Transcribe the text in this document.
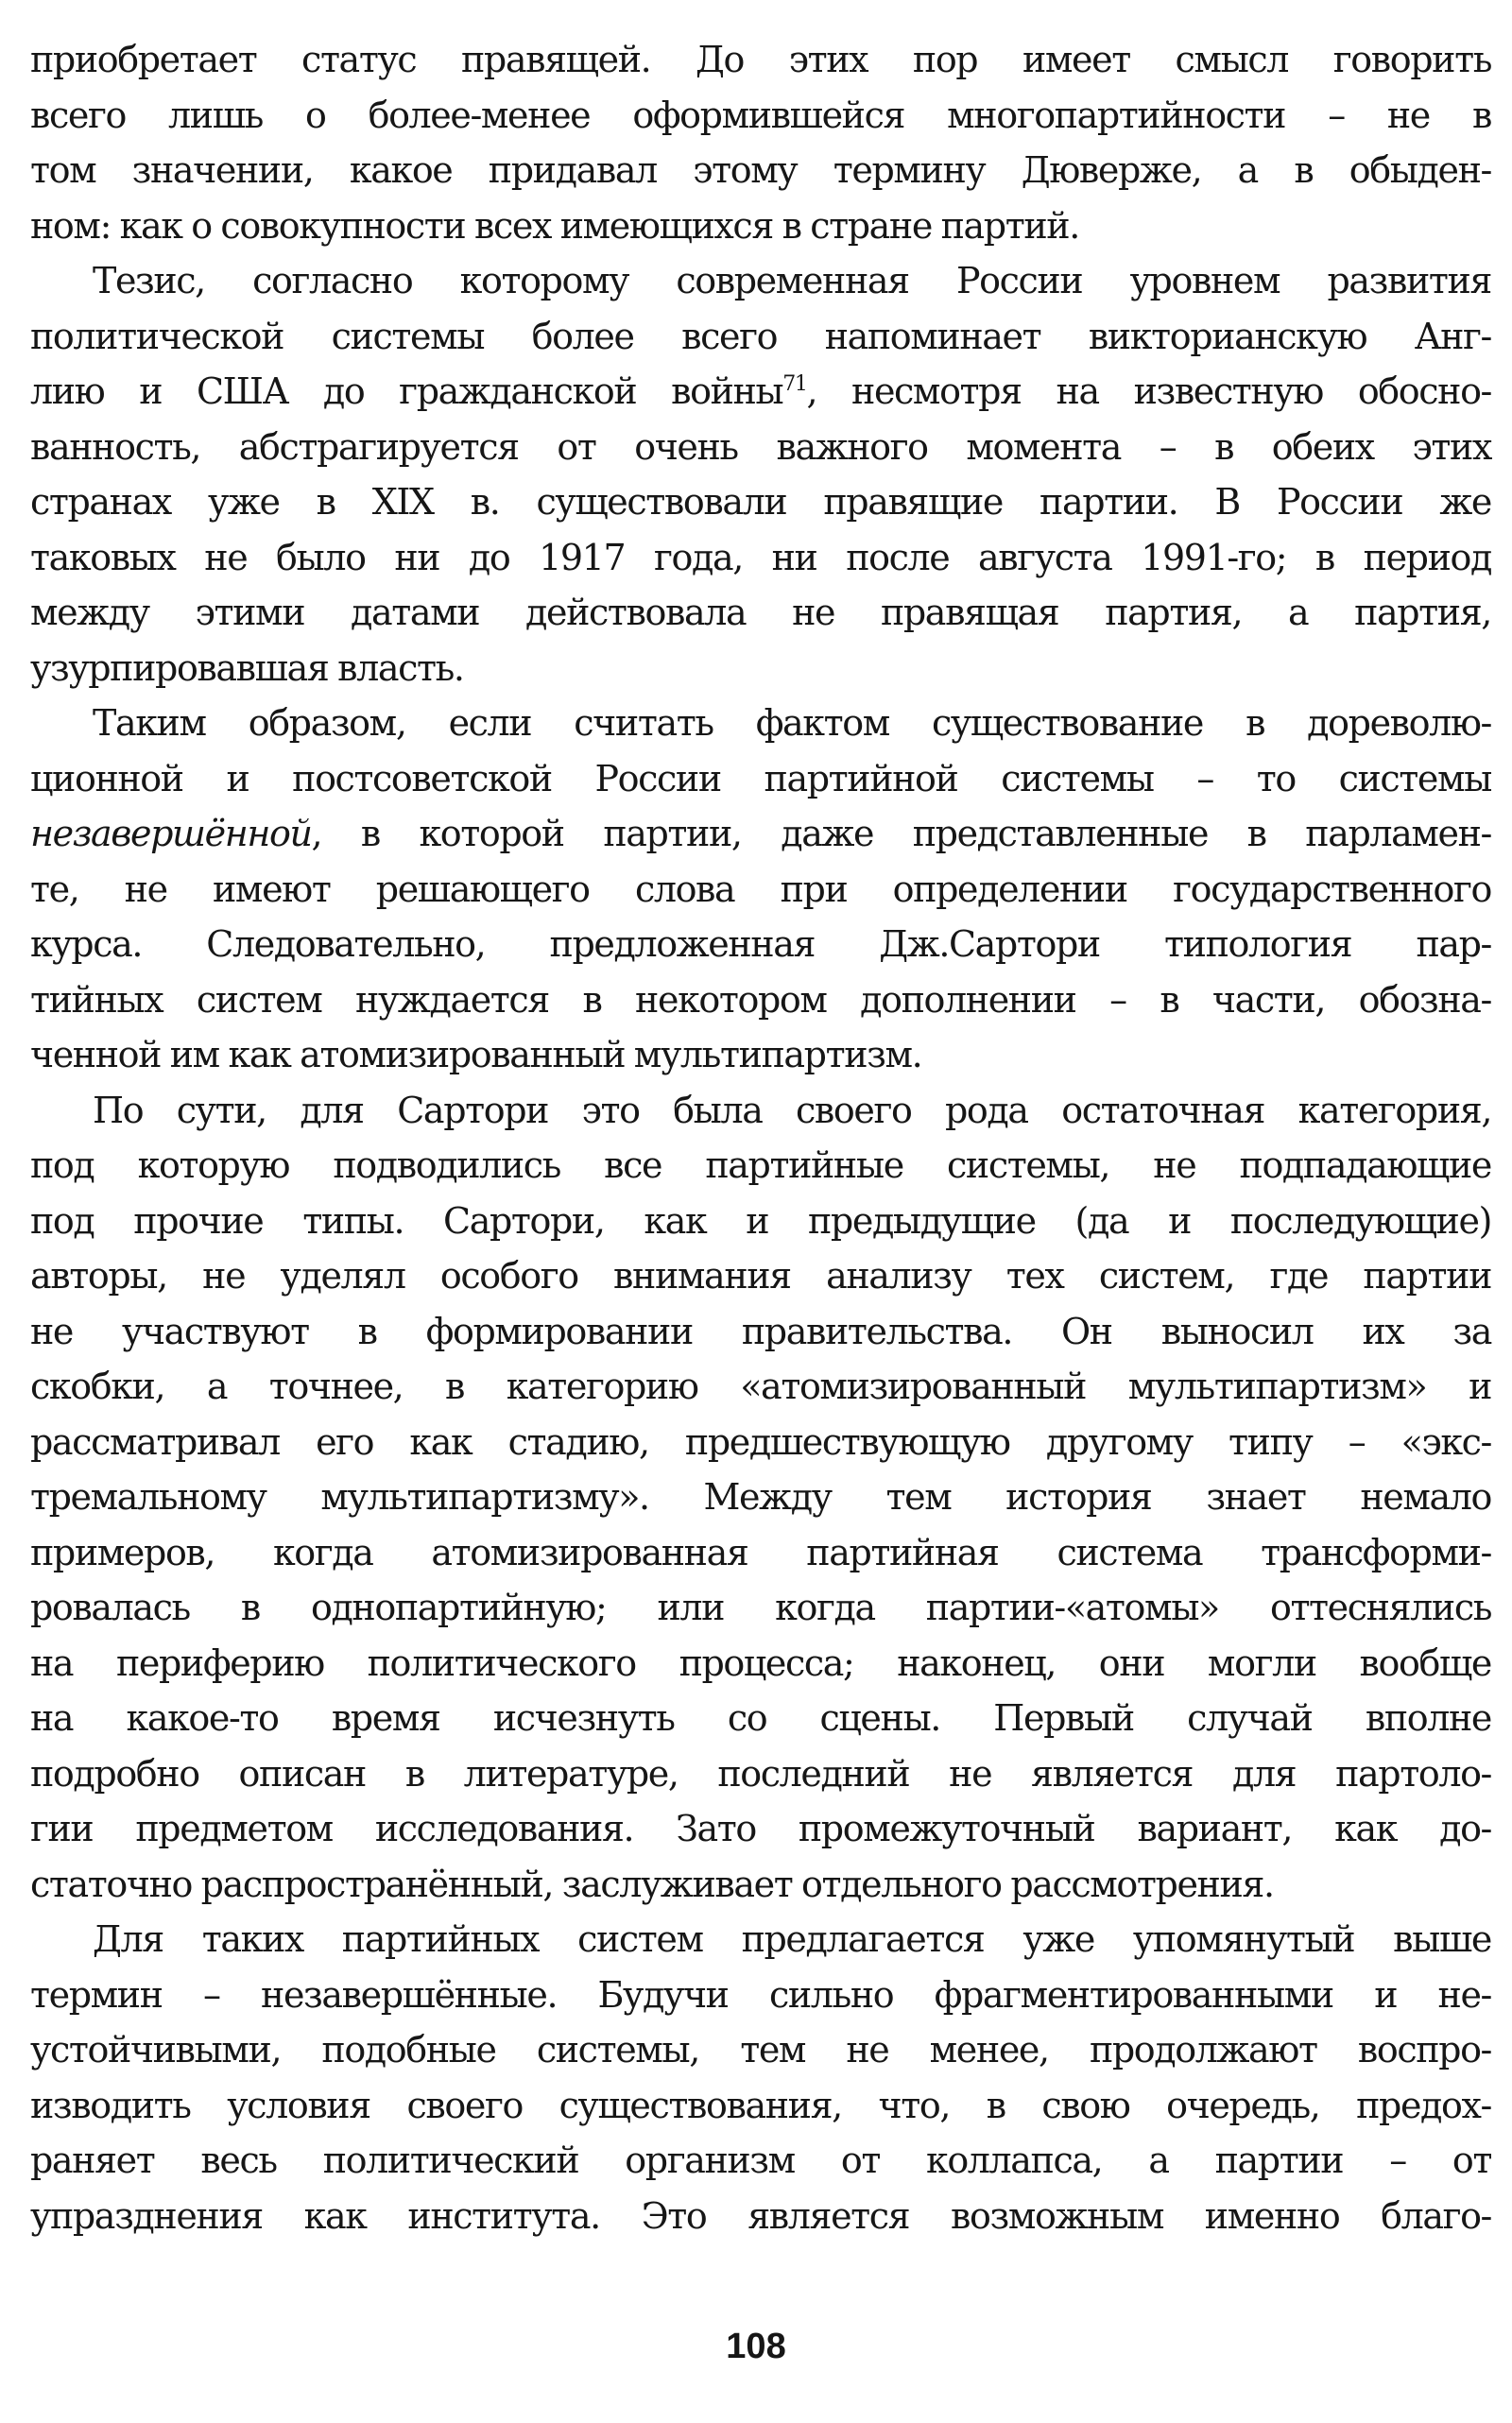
приобретает статус правящей. До этих пор имеет смысл говорить
всего лишь о более-менее оформившейся многопартийности – не в
том значении, какое придавал этому термину Дюверже, а в обыден-
ном: как о совокупности всех имеющихся в стране партий.
Тезис, согласно которому современная России уровнем развития
политической системы более всего напоминает викторианскую Анг-
лию и США до гражданской войны$^{71}$, несмотря на известную обосно-
ванность, абстрагируется от очень важного момента – в обеих этих
странах уже в XIX в. существовали правящие партии. В России же
таковых не было ни до 1917 года, ни после августа 1991-го; в период
между этими датами действовала не правящая партия, а партия,
узурпировавшая власть.
Таким образом, если считать фактом существование в дореволю-
ционной и постсоветской России партийной системы – то системы
незавершённой, в которой партии, даже представленные в парламен-
те, не имеют решающего слова при определении государственного
курса. Следовательно, предложенная Дж.Сартори типология пар-
тийных систем нуждается в некотором дополнении – в части, обозна-
ченной им как атомизированный мультипартизм.
По сути, для Сартори это была своего рода остаточная категория,
под которую подводились все партийные системы, не подпадающие
под прочие типы. Сартори, как и предыдущие (да и последующие)
авторы, не уделял особого внимания анализу тех систем, где партии
не участвуют в формировании правительства. Он выносил их за
скобки, а точнее, в категорию «атомизированный мультипартизм» и
рассматривал его как стадию, предшествующую другому типу – «экс-
тремальному мультипартизму». Между тем история знает немало
примеров, когда атомизированная партийная система трансформи-
ровалась в однопартийную; или когда партии-«атомы» оттеснялись
на периферию политического процесса; наконец, они могли вообще
на какое-то время исчезнуть со сцены. Первый случай вполне
подробно описан в литературе, последний не является для партоло-
гии предметом исследования. Зато промежуточный вариант, как до-
статочно распространённый, заслуживает отдельного рассмотрения.
Для таких партийных систем предлагается уже упомянутый выше
термин – незавершённые. Будучи сильно фрагментированными и не-
устойчивыми, подобные системы, тем не менее, продолжают воспро-
изводить условия своего существования, что, в свою очередь, предох-
раняет весь политический организм от коллапса, а партии – от
упразднения как института. Это является возможным именно благо-
108
